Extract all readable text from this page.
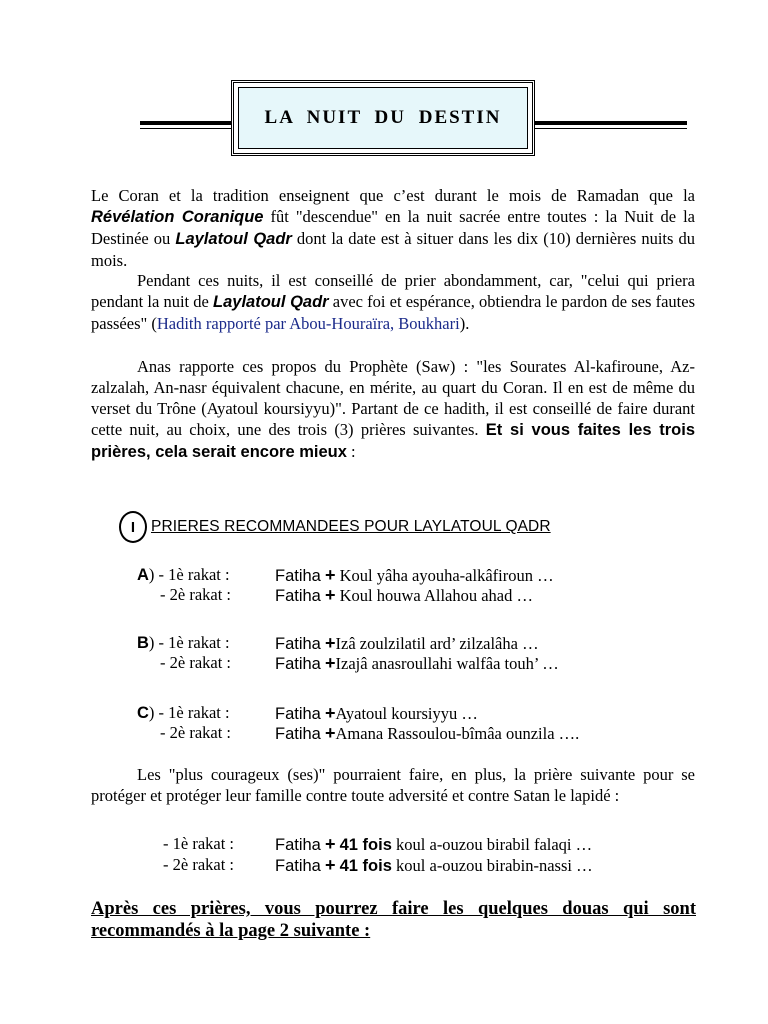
LA NUIT DU DESTIN

Le Coran et la tradition enseignent que c’est durant le mois de Ramadan que la Révélation Coranique fût "descendue" en la nuit sacrée entre toutes : la Nuit de la Destinée ou Laylatoul Qadr dont la date est à situer dans les dix (10) dernières nuits du mois.

Pendant ces nuits, il est conseillé de prier abondamment, car, "celui qui priera pendant la nuit de Laylatoul Qadr avec foi et espérance, obtiendra le pardon de ses fautes passées" (Hadith rapporté par Abou-Houraïra, Boukhari).

Anas rapporte ces propos du Prophète (Saw) : "les Sourates Al-kafiroune, Az-zalzalah, An-nasr équivalent chacune, en mérite, au quart du Coran. Il en est de même du verset du Trône (Ayatoul koursiyyu)". Partant de ce hadith, il est conseillé de faire durant cette nuit, au choix, une des trois (3) prières suivantes. Et si vous faites les trois prières, cela serait encore mieux :

I PRIERES RECOMMANDEES POUR LAYLATOUL QADR
A) - 1è rakat :	Fatiha + Koul yâha ayouha-alkâfiroun …
- 2è rakat :	Fatiha + Koul houwa Allahou ahad …
B) - 1è rakat :	Fatiha +Izâ zoulzilatil ard’ zilzalâha …
- 2è rakat :	Fatiha +Izajâ anasroullahi walfâa touh’ …
C) - 1è rakat :	Fatiha +Ayatoul koursiyyu …
- 2è rakat :	Fatiha +Amana Rassoulou-bîmâa ounzila ….

Les "plus courageux (ses)" pourraient faire, en plus, la prière suivante pour se protéger et protéger leur famille contre toute adversité et contre Satan le lapidé :

- 1è rakat : Fatiha + 41 fois koul a-ouzou birabil falaqi …
- 2è rakat : Fatiha + 41 fois koul a-ouzou birabin-nassi …

Après ces prières, vous pourrez faire les quelques douas qui sont recommandés à la page 2 suivante :
